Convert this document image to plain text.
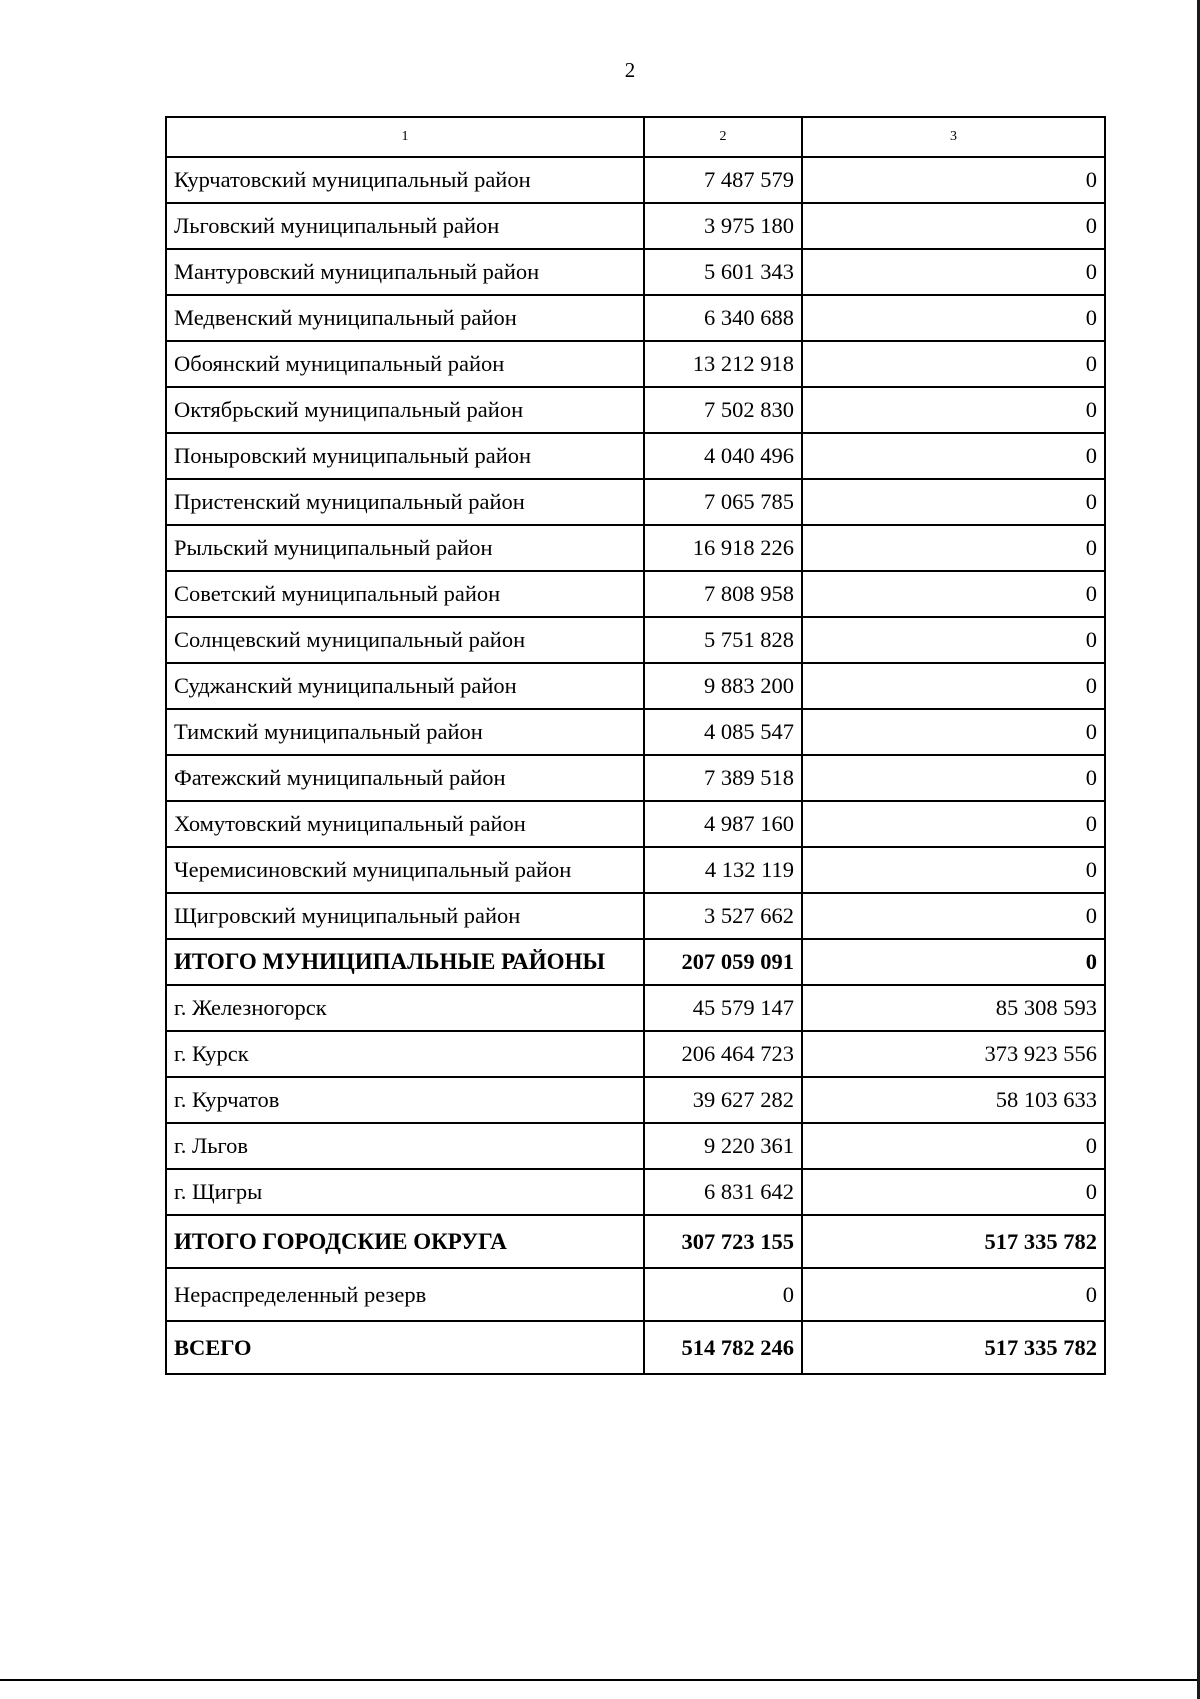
2
1	2	3
Курчатовский муниципальный район	7 487 579	0
Льговский муниципальный район	3 975 180	0
Мантуровский муниципальный район	5 601 343	0
Медвенский муниципальный район	6 340 688	0
Обоянский муниципальный район	13 212 918	0
Октябрьский муниципальный район	7 502 830	0
Поныровский муниципальный район	4 040 496	0
Пристенский муниципальный район	7 065 785	0
Рыльский муниципальный район	16 918 226	0
Советский муниципальный район	7 808 958	0
Солнцевский муниципальный район	5 751 828	0
Суджанский муниципальный район	9 883 200	0
Тимский муниципальный район	4 085 547	0
Фатежский муниципальный район	7 389 518	0
Хомутовский муниципальный район	4 987 160	0
Черемисиновский муниципальный район	4 132 119	0
Щигровский муниципальный район	3 527 662	0
ИТОГО МУНИЦИПАЛЬНЫЕ РАЙОНЫ	207 059 091	0
г. Железногорск	45 579 147	85 308 593
г. Курск	206 464 723	373 923 556
г. Курчатов	39 627 282	58 103 633
г. Льгов	9 220 361	0
г. Щигры	6 831 642	0
ИТОГО ГОРОДСКИЕ ОКРУГА	307 723 155	517 335 782
Нераспределенный резерв	0	0
ВСЕГО	514 782 246	517 335 782
